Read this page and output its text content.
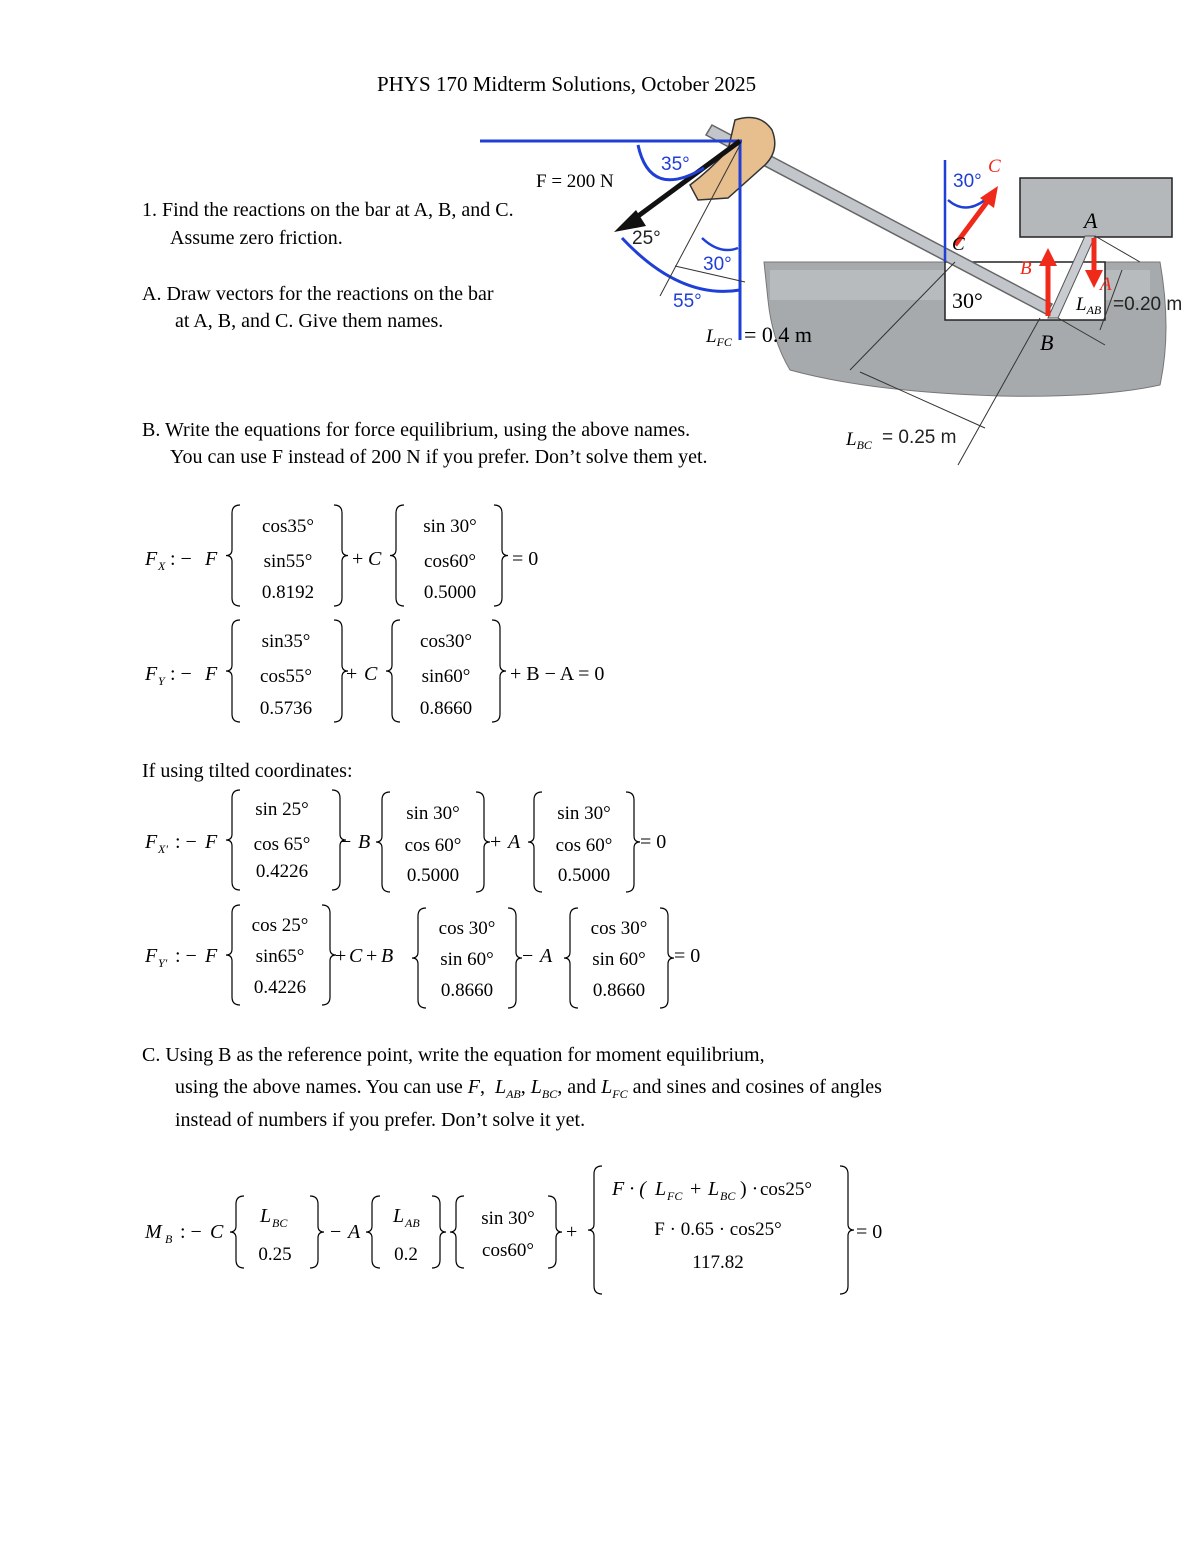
PHYS 170 Midterm Solutions, October 2025
1. Find the reactions on the bar at A, B, and C.
Assume zero friction.
A. Draw vectors for the reactions on the bar
at A, B, and C. Give them names.
B. Write the equations for force equilibrium, using the above names.
You can use F instead of 200 N if you prefer. Don’t solve them yet.
F = 200 N
35°
25°
30°
55°
30°
C
C
30°
B
A
A
B
$L_{FC} = 0.4$ m
$L_{AB} =0.20$ m
$L_{BC} = 0.25$ m
F X : − F
cos35°
sin55°
0.8192
+ C
sin 30°
cos60°
0.5000
= 0
F Y : − F
sin35°
cos55°
0.5736
+ C
cos30°
sin60°
0.8660
+ B − A = 0
F X′ : − F
sin 25°
cos 65°
0.4226
− B
sin 30°
cos 60°
0.5000
+ A
sin 30°
cos 60°
0.5000
= 0
F Y′ : − F
cos 25°
sin65°
0.4226
+ C + B
cos 30°
sin 60°
0.8660
− A
cos 30°
sin 60°
0.8660
= 0
M B : − C
L BC
0.25
− A
L AB
0.2
sin 30°
cos60°
+
F · ( L FC + L BC ) · cos25°
F · 0.65 · cos25°
117.82
= 0
If using tilted coordinates:
C. Using B as the reference point, write the equation for moment equilibrium,
using the above names. You can use F,  $L_{AB}$, $L_{BC}$, and $L_{FC}$ and sines and cosines of angles
instead of numbers if you prefer. Don’t solve it yet.
